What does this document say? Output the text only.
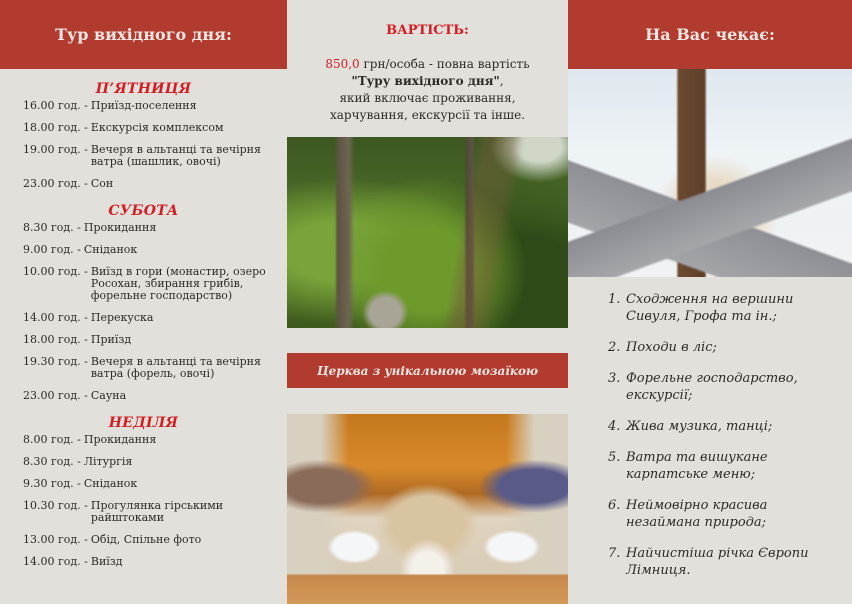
Тур вихідного дня:
П’ЯТНИЦЯ
16.00 год. - Приїзд-поселення
18.00 год. - Екскурсія комплексом
19.00 год. - Вечеря в альтанці та вечірня ватра (шашлик, овочі)
23.00 год. - Сон
СУБОТА
8.30 год. - Прокидання
9.00 год. - Сніданок
10.00 год. - Виїзд в гори (монастир, озеро Росохан, збирання грибів, форельне господарство)
14.00 год. - Перекуска
18.00 год. - Приїзд
19.30 год. - Вечеря в альтанці та вечірня ватра (форель, овочі)
23.00 год. - Сауна
НЕДІЛЯ
8.00 год. - Прокидання
8.30 год. - Літургія
9.30 год. - Сніданок
10.30 год. - Прогулянка гірськими райштоками
13.00 год. - Обід, Спільне фото
14.00 год. - Виїзд
ВАРТІСТЬ:
850,0 грн/особа - повна вартість
"Туру вихідного дня",
який включає проживання,
харчування, екскурсії та інше.
Церква з унікальною мозаїкою
На Вас чекає:
1. Сходження на вершини Сивуля, Грофа та ін.;
2. Походи в ліс;
3. Форельне господарство, екскурсії;
4. Жива музика, танці;
5. Ватра та вишукане карпатське меню;
6. Неймовірно красива незаймана природа;
7. Найчистіша річка Європи Лімниця.
